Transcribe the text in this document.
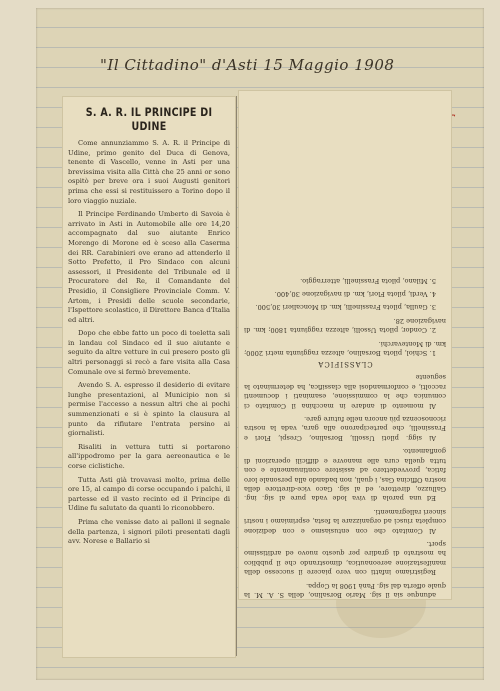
"Il Cittadino" d'Asti 15 Maggio 1908
S. A. R. IL PRINCIPE DI UDINE

Come annunziammo S. A. R. il Principe di Udine, primo genito del Duca di Genova, tenente di Vascello, venne in Asti per una brevissima visita alla Città che 25 anni or sono ospitò per breve ora i suoi Augusti genitori prima che essi si restituissero a Torino dopo il loro viaggio nuziale.

Il Principe Ferdinando Umberto di Savoia è arrivato in Asti in Automobile alle ore 14,20 accompagnato dal suo aiutante Enrico Morengo di Morone ed è sceso alla Caserma dei RR. Carabinieri ove erano ad attenderlo il Sotto Prefetto, il Pro Sindaco con alcuni assessori, il Presidente del Tribunale ed il Procuratore del Re, il Comandante del Presidio, il Consigliere Provinciale Comm. V. Artom, i Presidi delle scuole secondarie, l'Ispettore scolastico, il Direttore Banca d'Italia ed altri.

Dopo che ebbe fatto un poco di toeletta sali in landau col Sindaco ed il suo aiutante e seguito da altre vetture in cui presero posto gli altri personaggi si recò a fare visita alla Casa Comunale ove si fermò brevemente.

Avendo S. A. espresso il desiderio di evitare lunghe presentazioni, al Municipio non si permise l'accesso a nessun altri che ai pochi summenzionati e si è spinto la clausura al punto da rifiutare l'entrata persino ai giornalisti.

Risaliti in vettura tutti si portarono all'ippodromo per la gara aereonautica e le corse ciclistiche.

Tutta Asti già trovavasi molto, prima delle ore 15, al campo di corse occupando i palchi, il partesse ed il vasto recinto ed il Principe di Udine fu salutato da quanti lo riconobbero.

Prima che venisse dato ai palloni il segnale della partenza, i signori piloti presentati dagli avv. Norese e Ballario si

adunque sia il sig. Mario Borsalino, della S. A. M. la quale offerta dal sig. Panà 1908 la Coppa.

Registriamo infatti con vero piacere il successo della manifestazione aereonautica, dimostrando che il pubblico ha mostrato di gradire per questo nuovo ed arditissimo sport.

Al Comitato che con entusiasmo e con dedizione completa riuscì ad organizzare la festa, esprimiamo i nostri sinceri rallegramenti.

Ed una parola di viva lode vada pure al sig. ing. Galluzzo, direttore, ed al sig. Gaco vice-direttore della nostra Officina Gas, i quali, non badando alla personale loro fatica, provvedettero ad assistere continuamente e con tutta quella cura alle manovre e difficili operazioni di gonfiamento.

Ai sigg. piloti Ussolli, Borsalino, Crespi, Flori e Frassinelli, che parteciparono alla gara, vada la nostra riconoscenza più ancora nelle future gare.

Al momento di andare in macchina il Comitato ci comunica che la commissione, esaminati i documenti raccolti, e conformandosi alla classifica, ha determinato la seguente

CLASSIFICA

1. Schiol, pilota Borsalino, altezza raggiunta metri 2000; km. di Montevarchi.

2. Condor, pilota Ussolli, altezza raggiunta 1800; km. di navigazione 28.

3. Gaulla, pilota Frassinelli, km. di Moncalieri 30,500.

4. Verdi, pilota Flori, km. di navigazione 30,400.

5. Milano, pilota Frassinelli, atterraggio.
